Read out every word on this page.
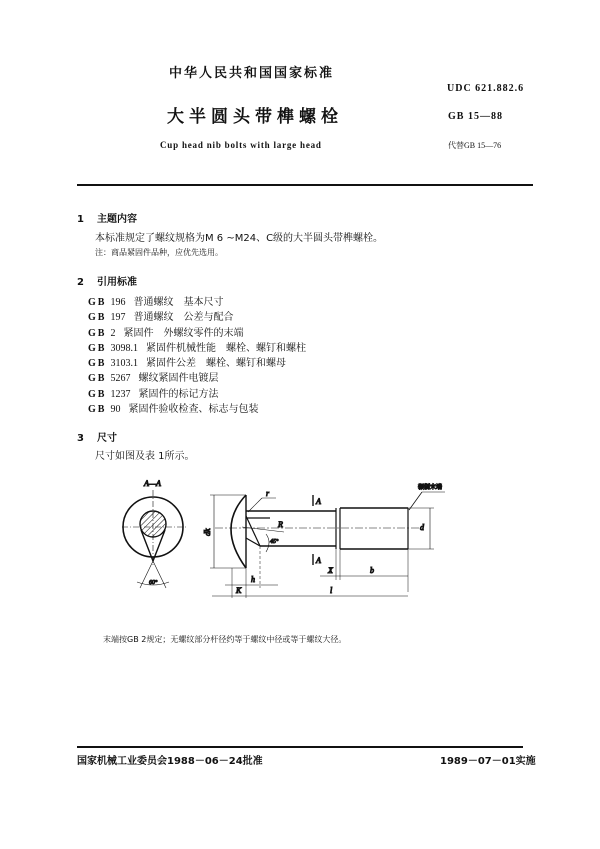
中华人民共和国国家标准
UDC 621.882.6
大半圆头带榫螺栓	GB 15—88
Cup head nib bolts with large head	代替GB 15—76
1 主题内容
本标准规定了螺纹规格为M 6 ~M24、C级的大半圆头带榫螺栓。
注：商品紧固件品种，应优先选用。
2 引用标准
GB 196 普通螺纹　基本尺寸
GB 197 普通螺纹　公差与配合
GB 2 紧固件　外螺纹零件的末端
GB 3098.1 紧固件机械性能　螺栓、螺钉和螺柱
GB 3103.1 紧固件公差　螺栓、螺钉和螺母
GB 5267 螺纹紧固件电镀层
GB 1237 紧固件的标记方法
GB 90 紧固件验收检查、标志与包装
3 尺寸
尺寸如图及表 1所示。
A—A
60°
dk
d
辗制末端
r
R
45°
A
A
X	b
h
K	l
末端按GB 2规定；无螺纹部分杆径约等于螺纹中径或等于螺纹大径。
国家机械工业委员会1988－06－24批准	1989－07－01实施
